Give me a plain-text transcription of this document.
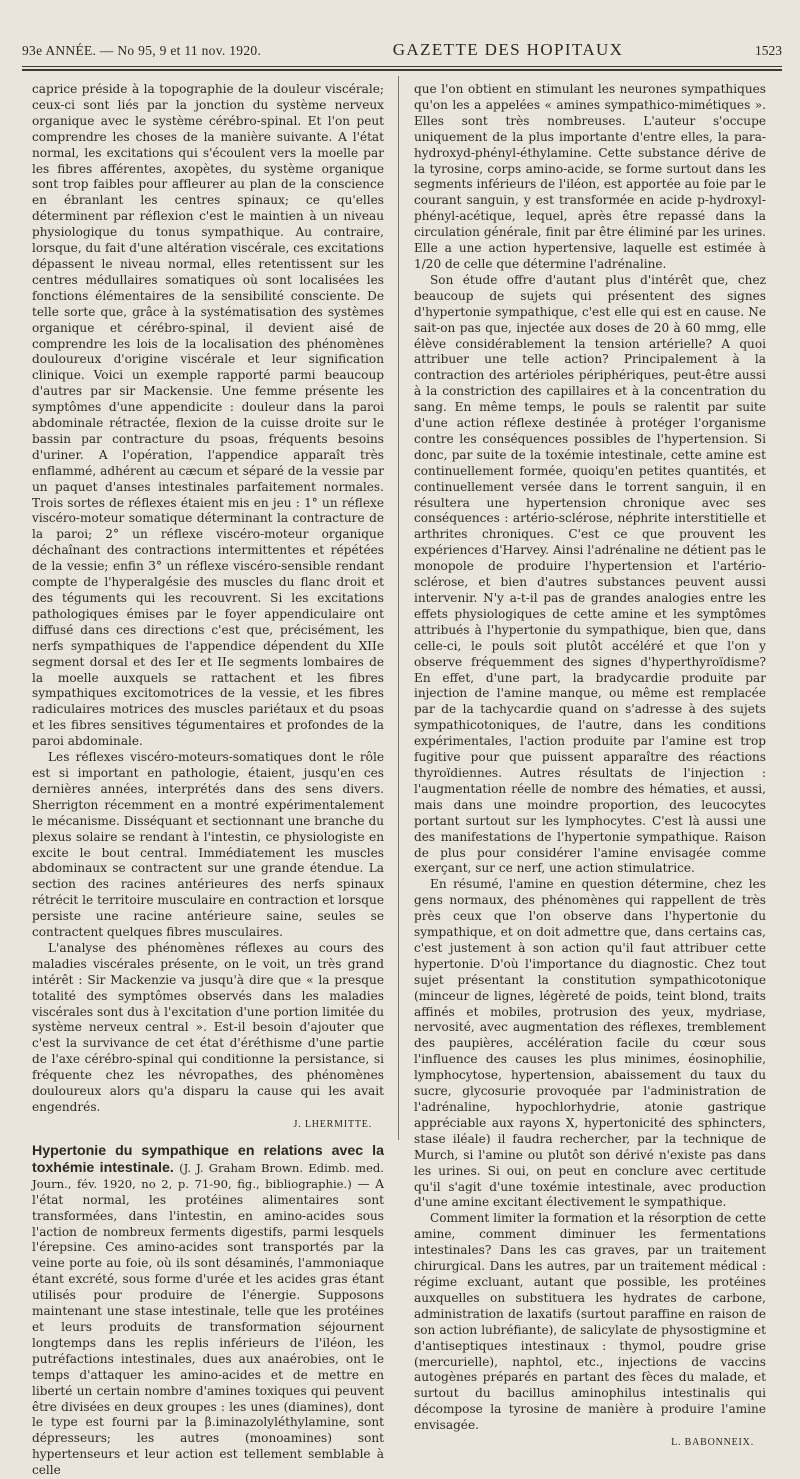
93e ANNÉE. — No 95, 9 et 11 nov. 1920.	GAZETTE DES HOPITAUX	1523

caprice préside à la topographie de la douleur viscérale; ceux-ci sont liés par la jonction du système nerveux organique avec le système cérébro-spinal. Et l'on peut comprendre les choses de la manière suivante. A l'état normal, les excitations qui s'écoulent vers la moelle par les fibres afférentes, axopètes, du système organique sont trop faibles pour affleurer au plan de la conscience en ébranlant les centres spinaux; ce qu'elles déterminent par réflexion c'est le maintien à un niveau physiologique du tonus sympathique. Au contraire, lorsque, du fait d'une altération viscérale, ces excitations dépassent le niveau normal, elles retentissent sur les centres médullaires somatiques où sont localisées les fonctions élémentaires de la sensibilité consciente. De telle sorte que, grâce à la systématisation des systèmes organique et cérébro-spinal, il devient aisé de comprendre les lois de la localisation des phénomènes douloureux d'origine viscérale et leur signification clinique. Voici un exemple rapporté parmi beaucoup d'autres par sir Mackensie. Une femme présente les symptômes d'une appendicite : douleur dans la paroi abdominale rétractée, flexion de la cuisse droite sur le bassin par contracture du psoas, fréquents besoins d'uriner. A l'opération, l'appendice apparaît très enflammé, adhérent au cæcum et séparé de la vessie par un paquet d'anses intestinales parfaitement normales. Trois sortes de réflexes étaient mis en jeu : 1° un réflexe viscéro-moteur somatique déterminant la contracture de la paroi; 2° un réflexe viscéro-moteur organique déchaînant des contractions intermittentes et répétées de la vessie; enfin 3° un réflexe viscéro-sensible rendant compte de l'hyperalgésie des muscles du flanc droit et des téguments qui les recouvrent. Si les excitations pathologiques émises par le foyer appendiculaire ont diffusé dans ces directions c'est que, précisément, les nerfs sympathiques de l'appendice dépendent du XIIe segment dorsal et des Ier et IIe segments lombaires de la moelle auxquels se rattachent et les fibres sympathiques excitomotrices de la vessie, et les fibres radiculaires motrices des muscles pariétaux et du psoas et les fibres sensitives tégumentaires et profondes de la paroi abdominale.

Les réflexes viscéro-moteurs-somatiques dont le rôle est si important en pathologie, étaient, jusqu'en ces dernières années, interprétés dans des sens divers. Sherrigton récemment en a montré expérimentalement le mécanisme. Disséquant et sectionnant une branche du plexus solaire se rendant à l'intestin, ce physiologiste en excite le bout central. Immédiatement les muscles abdominaux se contractent sur une grande étendue. La section des racines antérieures des nerfs spinaux rétrécit le territoire musculaire en contraction et lorsque persiste une racine antérieure saine, seules se contractent quelques fibres musculaires.

L'analyse des phénomènes réflexes au cours des maladies viscérales présente, on le voit, un très grand intérêt : Sir Mackenzie va jusqu'à dire que « la presque totalité des symptômes observés dans les maladies viscérales sont dus à l'excitation d'une portion limitée du système nerveux central ». Est-il besoin d'ajouter que c'est la survivance de cet état d'éréthisme d'une partie de l'axe cérébro-spinal qui conditionne la persistance, si fréquente chez les névropathes, des phénomènes douloureux alors qu'a disparu la cause qui les avait engendrés.

J. LHERMITTE.

Hypertonie du sympathique en relations avec la toxhémie intestinale. (J. J. Graham Brown. Edimb. med. Journ., fév. 1920, no 2, p. 71-90, fig., bibliographie.) — A l'état normal, les protéines alimentaires sont transformées, dans l'intestin, en amino-acides sous l'action de nombreux ferments digestifs, parmi lesquels l'érepsine. Ces amino-acides sont transportés par la veine porte au foie, où ils sont désaminés, l'ammoniaque étant excrété, sous forme d'urée et les acides gras étant utilisés pour produire de l'énergie. Supposons maintenant une stase intestinale, telle que les protéines et leurs produits de transformation séjournent longtemps dans les replis inférieurs de l'iléon, les putréfactions intestinales, dues aux anaérobies, ont le temps d'attaquer les amino-acides et de mettre en liberté un certain nombre d'amines toxiques qui peuvent être divisées en deux groupes : les unes (diamines), dont le type est fourni par la β.iminazolyléthylamine, sont dépresseurs; les autres (monoamines) sont hypertenseurs et leur action est tellement semblable à celle

que l'on obtient en stimulant les neurones sympathiques qu'on les a appelées « amines sympathico-mimétiques ». Elles sont très nombreuses. L'auteur s'occupe uniquement de la plus importante d'entre elles, la para-hydroxyd-phényl-éthylamine. Cette substance dérive de la tyrosine, corps amino-acide, se forme surtout dans les segments inférieurs de l'iléon, est apportée au foie par le courant sanguin, y est transformée en acide p-hydroxyl-phényl-acétique, lequel, après être repassé dans la circulation générale, finit par être éliminé par les urines. Elle a une action hypertensive, laquelle est estimée à 1/20 de celle que détermine l'adrénaline.

Son étude offre d'autant plus d'intérêt que, chez beaucoup de sujets qui présentent des signes d'hypertonie sympathique, c'est elle qui est en cause. Ne sait-on pas que, injectée aux doses de 20 à 60 mmg, elle élève considérablement la tension artérielle? A quoi attribuer une telle action? Principalement à la contraction des artérioles périphériques, peut-être aussi à la constriction des capillaires et à la concentration du sang. En même temps, le pouls se ralentit par suite d'une action réflexe destinée à protéger l'organisme contre les conséquences possibles de l'hypertension. Si donc, par suite de la toxémie intestinale, cette amine est continuellement formée, quoiqu'en petites quantités, et continuellement versée dans le torrent sanguin, il en résultera une hypertension chronique avec ses conséquences : artério-sclérose, néphrite interstitielle et arthrites chroniques. C'est ce que prouvent les expériences d'Harvey. Ainsi l'adrénaline ne détient pas le monopole de produire l'hypertension et l'artério-sclérose, et bien d'autres substances peuvent aussi intervenir. N'y a-t-il pas de grandes analogies entre les effets physiologiques de cette amine et les symptômes attribués à l'hypertonie du sympathique, bien que, dans celle-ci, le pouls soit plutôt accéléré et que l'on y observe fréquemment des signes d'hyperthyroïdisme? En effet, d'une part, la bradycardie produite par injection de l'amine manque, ou même est remplacée par de la tachycardie quand on s'adresse à des sujets sympathicotoniques, de l'autre, dans les conditions expérimentales, l'action produite par l'amine est trop fugitive pour que puissent apparaître des réactions thyroïdiennes. Autres résultats de l'injection : l'augmentation réelle de nombre des hématies, et aussi, mais dans une moindre proportion, des leucocytes portant surtout sur les lymphocytes. C'est là aussi une des manifestations de l'hypertonie sympathique. Raison de plus pour considérer l'amine envisagée comme exerçant, sur ce nerf, une action stimulatrice.

En résumé, l'amine en question détermine, chez les gens normaux, des phénomènes qui rappellent de très près ceux que l'on observe dans l'hypertonie du sympathique, et on doit admettre que, dans certains cas, c'est justement à son action qu'il faut attribuer cette hypertonie. D'où l'importance du diagnostic. Chez tout sujet présentant la constitution sympathicotonique (minceur de lignes, légèreté de poids, teint blond, traits affinés et mobiles, protrusion des yeux, mydriase, nervosité, avec augmentation des réflexes, tremblement des paupières, accélération facile du cœur sous l'influence des causes les plus minimes, éosinophilie, lymphocytose, hypertension, abaissement du taux du sucre, glycosurie provoquée par l'administration de l'adrénaline, hypochlorhydrie, atonie gastrique appréciable aux rayons X, hypertonicité des sphincters, stase iléale) il faudra rechercher, par la technique de Murch, si l'amine ou plutôt son dérivé n'existe pas dans les urines. Si oui, on peut en conclure avec certitude qu'il s'agit d'une toxémie intestinale, avec production d'une amine excitant électivement le sympathique.

Comment limiter la formation et la résorption de cette amine, comment diminuer les fermentations intestinales? Dans les cas graves, par un traitement chirurgical. Dans les autres, par un traitement médical : régime excluant, autant que possible, les protéines auxquelles on substituera les hydrates de carbone, administration de laxatifs (surtout paraffine en raison de son action lubréfiante), de salicylate de physostigmine et d'antiseptiques intestinaux : thymol, poudre grise (mercurielle), naphtol, etc., injections de vaccins autogènes préparés en partant des fèces du malade, et surtout du bacillus aminophilus intestinalis qui décompose la tyrosine de manière à produire l'amine envisagée.

L. BABONNEIX.
